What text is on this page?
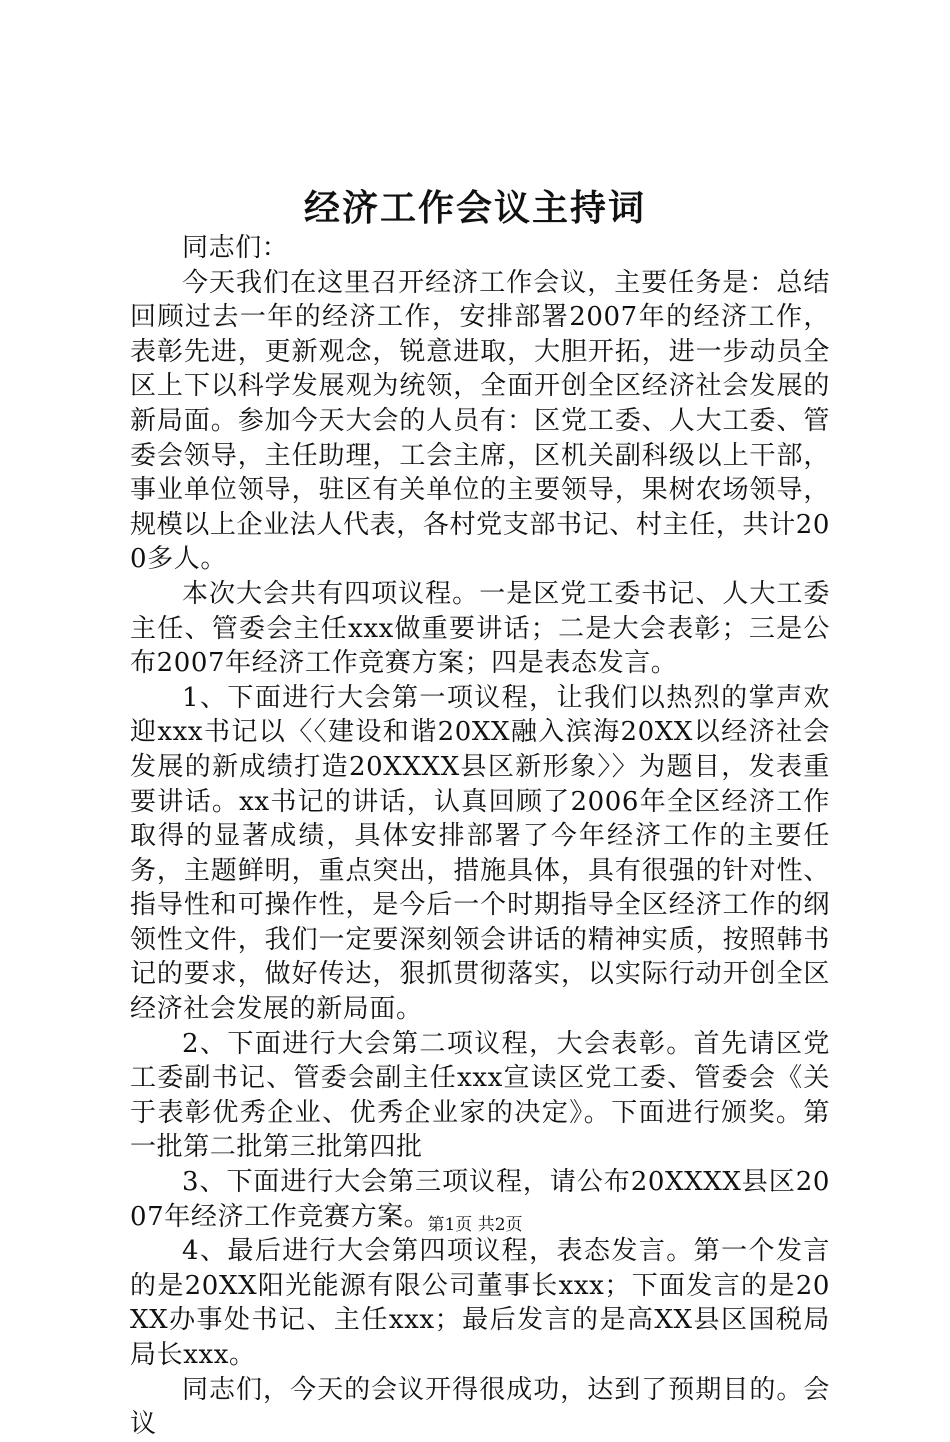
经济工作会议主持词

同志们：

今天我们在这里召开经济工作会议，主要任务是：总结回顾过去一年的经济工作，安排部署2007年的经济工作，表彰先进，更新观念，锐意进取，大胆开拓，进一步动员全区上下以科学发展观为统领，全面开创全区经济社会发展的新局面。参加今天大会的人员有：区党工委、人大工委、管委会领导，主任助理，工会主席，区机关副科级以上干部，事业单位领导，驻区有关单位的主要领导，果树农场领导，规模以上企业法人代表，各村党支部书记、村主任，共计200多人。

本次大会共有四项议程。一是区党工委书记、人大工委主任、管委会主任xxx做重要讲话；二是大会表彰；三是公布2007年经济工作竞赛方案；四是表态发言。

1、下面进行大会第一项议程，让我们以热烈的掌声欢迎xxx书记以〈〈建设和谐20XX融入滨海20XX以经济社会发展的新成绩打造20XXXX县区新形象〉〉为题目，发表重要讲话。xx书记的讲话，认真回顾了2006年全区经济工作取得的显著成绩，具体安排部署了今年经济工作的主要任务，主题鲜明，重点突出，措施具体，具有很强的针对性、指导性和可操作性，是今后一个时期指导全区经济工作的纲领性文件，我们一定要深刻领会讲话的精神实质，按照韩书记的要求，做好传达，狠抓贯彻落实，以实际行动开创全区经济社会发展的新局面。

2、下面进行大会第二项议程，大会表彰。首先请区党工委副书记、管委会副主任xxx宣读区党工委、管委会《关于表彰优秀企业、优秀企业家的决定》。下面进行颁奖。第一批第二批第三批第四批

3、下面进行大会第三项议程，请公布20XXXX县区2007年经济工作竞赛方案。

4、最后进行大会第四项议程，表态发言。第一个发言的是20XX阳光能源有限公司董事长xxx；下面发言的是20XX办事处书记、主任xxx；最后发言的是高XX县区国税局局长xxx。

同志们，今天的会议开得很成功，达到了预期目的。会议

第1页 共2页
